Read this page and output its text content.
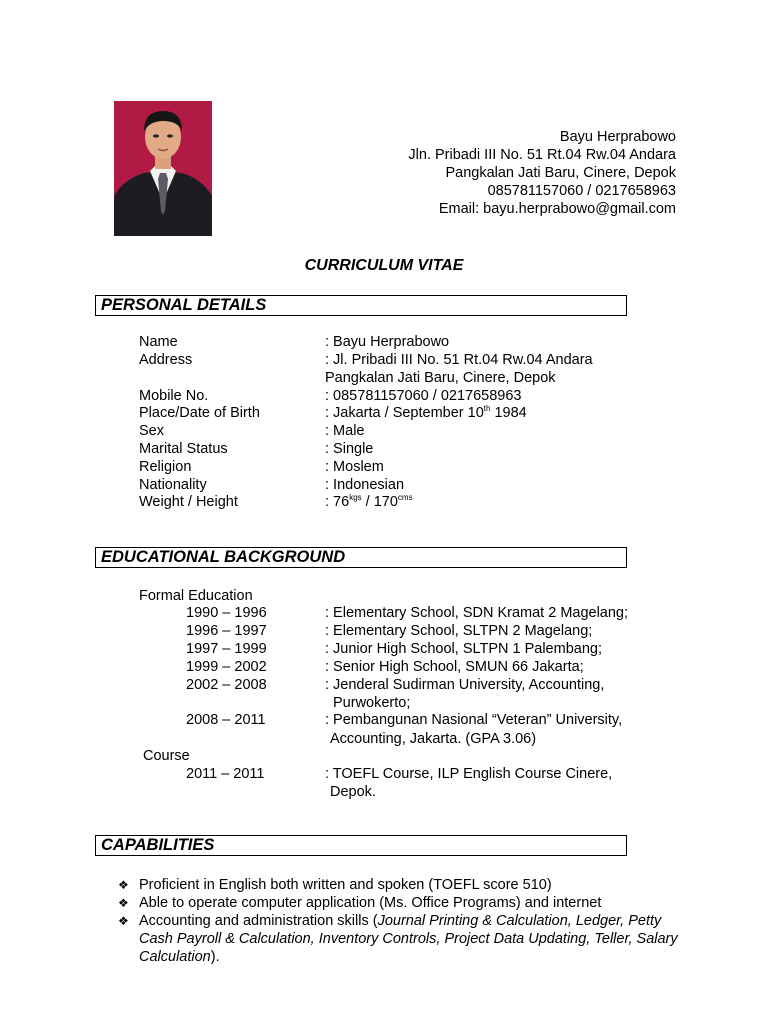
Bayu Herprabowo
Jln. Pribadi III No. 51 Rt.04 Rw.04 Andara
Pangkalan Jati Baru, Cinere, Depok
085781157060 / 0217658963
Email: bayu.herprabowo@gmail.com
CURRICULUM VITAE
PERSONAL DETAILS
Name	: Bayu Herprabowo
Address	: Jl. Pribadi III No. 51 Rt.04 Rw.04 Andara
Pangkalan Jati Baru, Cinere, Depok
Mobile No.	: 085781157060 / 0217658963
Place/Date of Birth	: Jakarta / September 10th 1984
Sex	: Male
Marital Status	: Single
Religion	: Moslem
Nationality	: Indonesian
Weight / Height	: $76^{kgs} / 170^{cms}$
EDUCATIONAL BACKGROUND
Formal Education
1990 – 1996	: Elementary School, SDN Kramat 2 Magelang;
1996 – 1997	: Elementary School, SLTPN 2 Magelang;
1997 – 1999	: Junior High School, SLTPN 1 Palembang;
1999 – 2002	: Senior High School, SMUN 66 Jakarta;
2002 – 2008	: Jenderal Sudirman University, Accounting,
Purwokerto;
2008 – 2011	: Pembangunan Nasional “Veteran” University,
Accounting, Jakarta. (GPA 3.06)
Course
2011 – 2011	: TOEFL Course, ILP English Course Cinere,
Depok.
CAPABILITIES
❖ Proficient in English both written and spoken (TOEFL score 510)
❖ Able to operate computer application (Ms. Office Programs) and internet
❖ Accounting and administration skills (Journal Printing & Calculation, Ledger, Petty Cash Payroll & Calculation, Inventory Controls, Project Data Updating, Teller, Salary Calculation).
